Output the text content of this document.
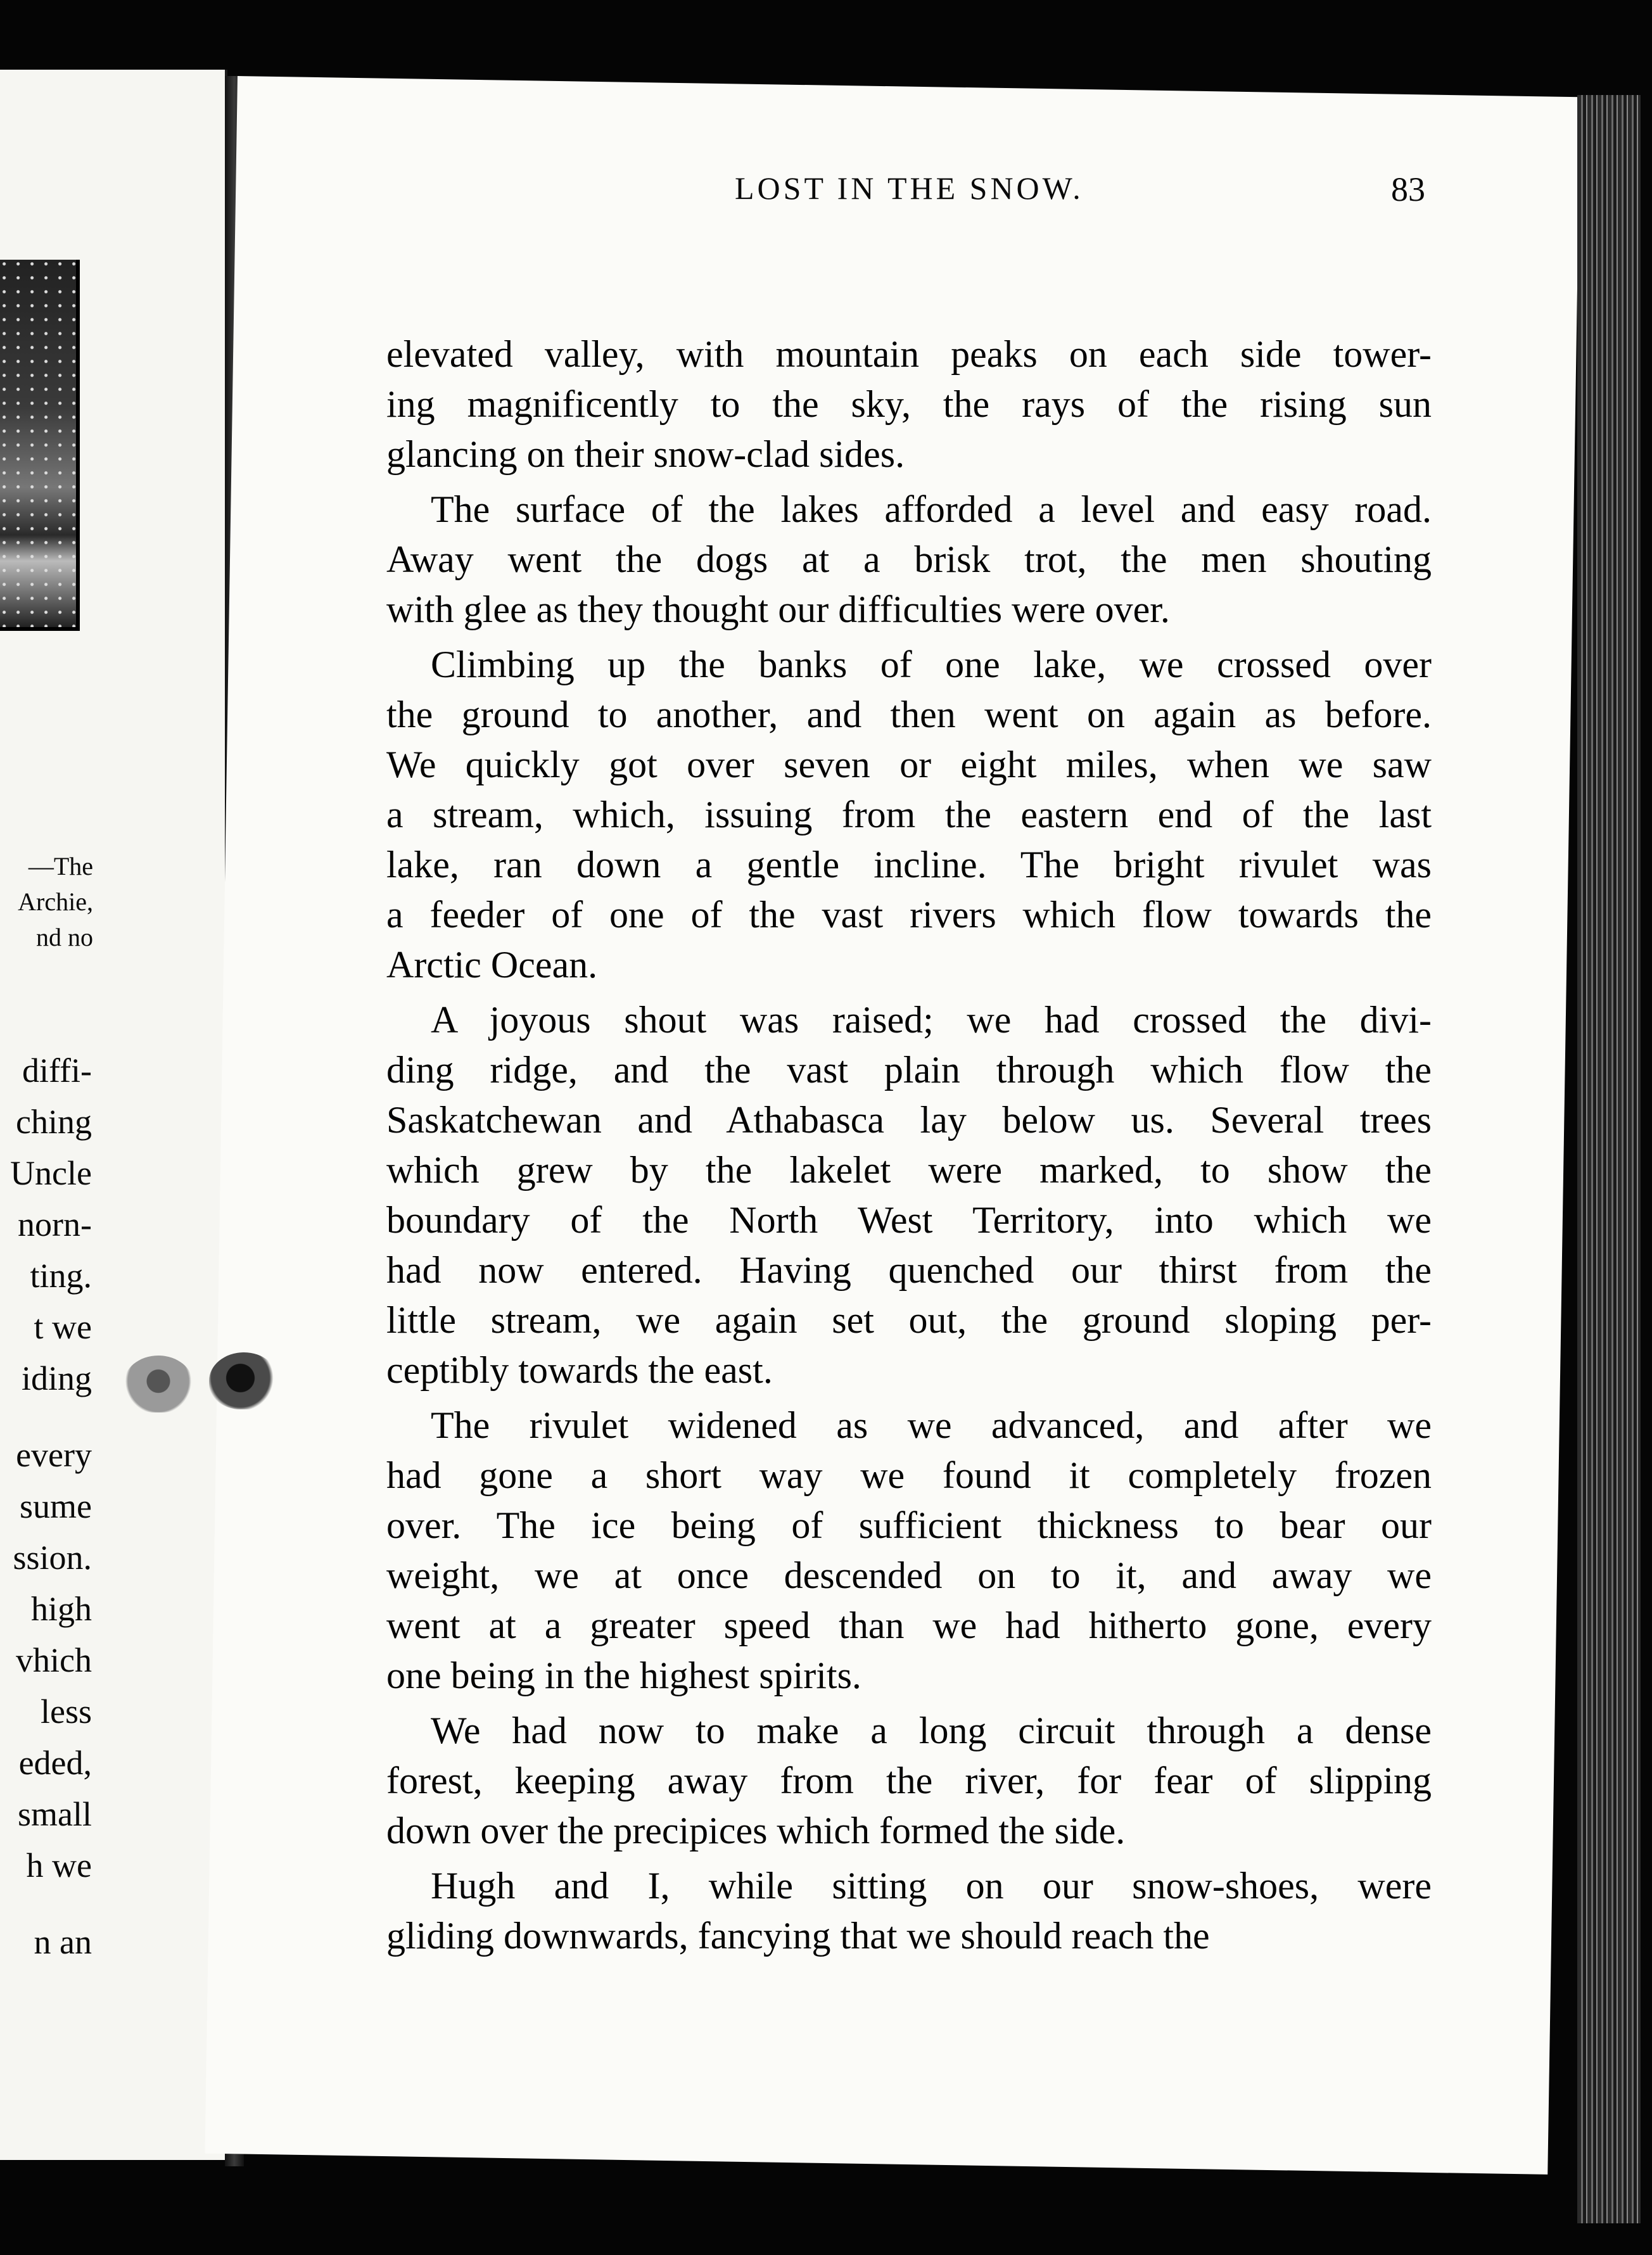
—The
Archie,
nd no
diffi-
ching
Uncle
norn-
ting.
t we
iding
every
sume
ssion.
high
vhich
less
eded,
small
h we
n an
LOST IN THE SNOW.	83
elevated valley, with mountain peaks on each side tower-
ing magnificently to the sky, the rays of the rising sun
glancing on their snow-clad sides.
The surface of the lakes afforded a level and easy road.
Away went the dogs at a brisk trot, the men shouting
with glee as they thought our difficulties were over.
Climbing up the banks of one lake, we crossed over
the ground to another, and then went on again as before.
We quickly got over seven or eight miles, when we saw
a stream, which, issuing from the eastern end of the last
lake, ran down a gentle incline. The bright rivulet was
a feeder of one of the vast rivers which flow towards the
Arctic Ocean.
A joyous shout was raised; we had crossed the divi-
ding ridge, and the vast plain through which flow the
Saskatchewan and Athabasca lay below us. Several trees
which grew by the lakelet were marked, to show the
boundary of the North West Territory, into which we
had now entered. Having quenched our thirst from the
little stream, we again set out, the ground sloping per-
ceptibly towards the east.
The rivulet widened as we advanced, and after we
had gone a short way we found it completely frozen
over. The ice being of sufficient thickness to bear our
weight, we at once descended on to it, and away we
went at a greater speed than we had hitherto gone, every
one being in the highest spirits.
We had now to make a long circuit through a dense
forest, keeping away from the river, for fear of slipping
down over the precipices which formed the side.
Hugh and I, while sitting on our snow-shoes, were
gliding downwards, fancying that we should reach the
